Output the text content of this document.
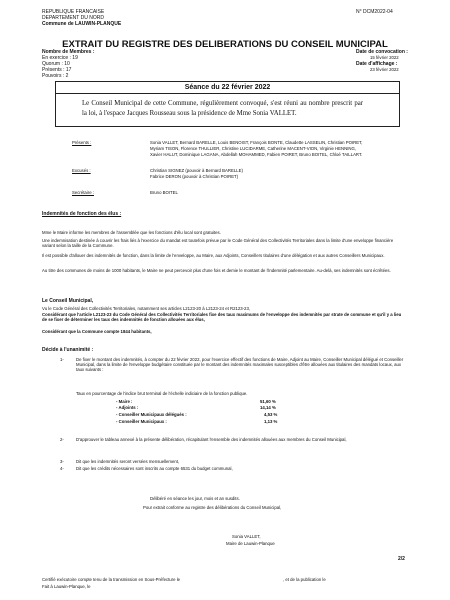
REPUBLIQUE FRANCAISE
DEPARTEMENT DU NORD
Commune de LAUWIN-PLANQUE
N° DCM2022-04
EXTRAIT DU REGISTRE DES DELIBERATIONS DU CONSEIL MUNICIPAL
Nombre de Membres :
En exercice : 19
Quorum : 10
Présents : 17
Pouvoirs : 2
Date de convocation :
15 février 2022
Date d'affichage :
23 février 2022
Séance du 22 février 2022
Le Conseil Municipal de cette Commune, régulièrement convoqué, s'est réuni au nombre prescrit par la loi, à l'espace Jacques Rousseau sous la présidence de Mme Sonia VALLET.
Présents :	Sonia VALLET, Bernard BARELLE, Louis BENOIST, François BONTE, Claudette LASSELIN, Christian POIRET,
Myriam TISON, Florence THULLIER, Christine LUCIDARME, Catherine MACENT-VION, Virginie HENNING,
Xavier HALUT, Dominique LAGANA, Abdellah MOHAMMED, Fabien POIRET, Bruno BOITEL, Chloé TAILLART.
Excusés :	Christian SIGNEZ (pouvoir à Bernard BARELLE)
Fabrice DERON (pouvoir à Christian POIRET)
Secrétaire :	Bruno BOITEL
Indemnités de fonction des élus :
Mme le Maire informe les membres de l'assemblée que les fonctions d'élu local sont gratuites.
Une indemnisation destinée à couvrir les frais liés à l'exercice du mandat est toutefois prévue par le Code Général des Collectivités Territoriales dans la limite d'une enveloppe financière variant selon la taille de la Commune.
Il est possible d'allouer des indemnités de fonction, dans la limite de l'enveloppe, au Maire, aux Adjoints, Conseillers titulaires d'une délégation et aux autres Conseillers Municipaux.
Au titre des communes de moins de 1000 habitants, le Maire ne peut percevoir plus d'une fois et demie le montant de l'indemnité parlementaire. Au-delà, ses indemnités sont écrêtées.
Le Conseil Municipal,
Vu le Code Général des Collectivités Territoriales, notamment ses articles L2123-20 à L2123-24 et R2123-23,
Considérant que l'article L2123-23 du Code Général des Collectivités Territoriales fixe des taux maximums de l'enveloppe des indemnités par strate de commune et qu'il y a lieu de se fixer de déterminer les taux des indemnités de fonction allouées aux élus,
Considérant que la Commune compte 1844 habitants,
Décide à l'unanimité :
1-	De fixer le montant des indemnités, à compter du 22 février 2022, pour l'exercice effectif des fonctions de Maire, Adjoint au Maire, Conseiller Municipal délégué et Conseiller Municipal, dans la limite de l'enveloppe budgétaire constituée par le montant des indemnités maximales susceptibles d'être allouées aux titulaires des mandats locaux, aux taux suivants :
Taux en pourcentage de l'indice brut terminal de l'échelle indiciaire de la fonction publique.
- Maire :	51,60 %
- Adjoints :	14,14 %
- Conseiller Municipaux délégués :	4,53 %
- Conseiller Municipaux :	1,13 %
2-	D'approuver le tableau annexé à la présente délibération, récapitulant l'ensemble des indemnités allouées aux membres du Conseil Municipal,
3-	Dit que les indemnités seront versées mensuellement,
4-	Dit que les crédits nécessaires sont inscrits au compte 6531 du budget communal,
Délibéré en séance les jour, mois et an susdits.
Pour extrait conforme au registre des délibérations du Conseil Municipal,
Sonia VALLET,
Maire de Lauwin-Planque
2/2
Certifié exécutoire compte tenu de la transmission en Sous-Préfecture le	, et de la publication le
Fait à Lauwin-Planque, le
